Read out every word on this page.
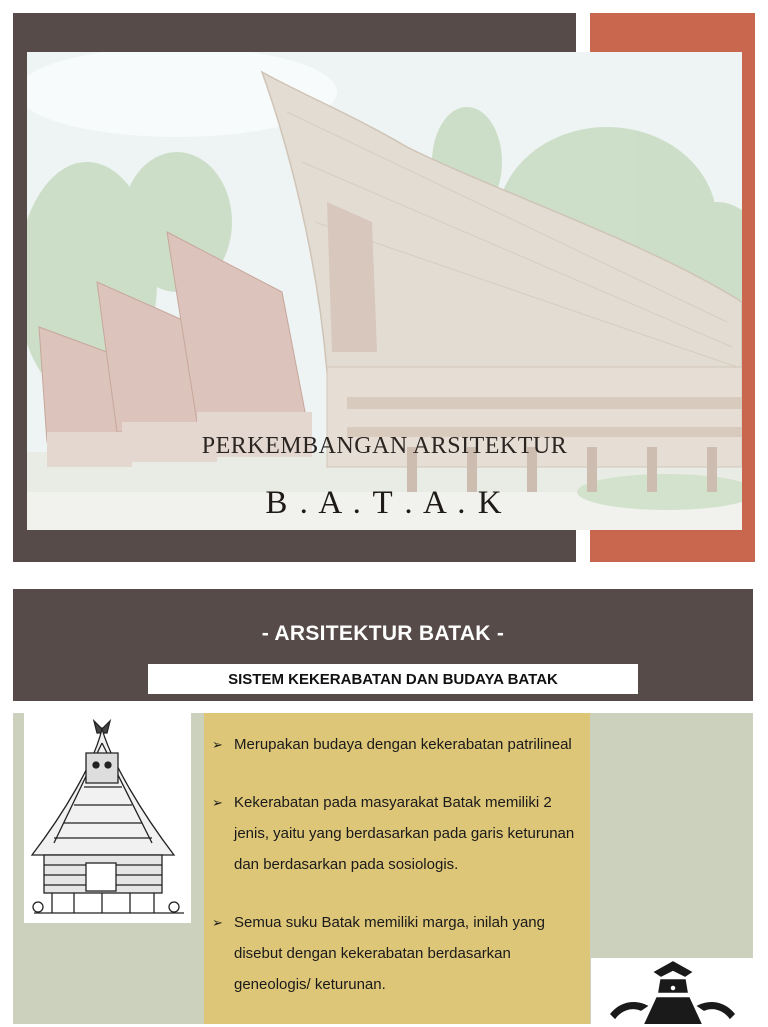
PERKEMBANGAN ARSITEKTUR
B . A . T . A . K
- ARSITEKTUR BATAK -
SISTEM KEKERABATAN DAN BUDAYA BATAK
➢ Merupakan budaya dengan kekerabatan patrilineal
➢ Kekerabatan pada masyarakat Batak memiliki 2 jenis, yaitu yang berdasarkan pada garis keturunan dan berdasarkan pada sosiologis.
➢ Semua suku Batak memiliki marga, inilah yang disebut dengan kekerabatan berdasarkan geneologis/ keturunan.
